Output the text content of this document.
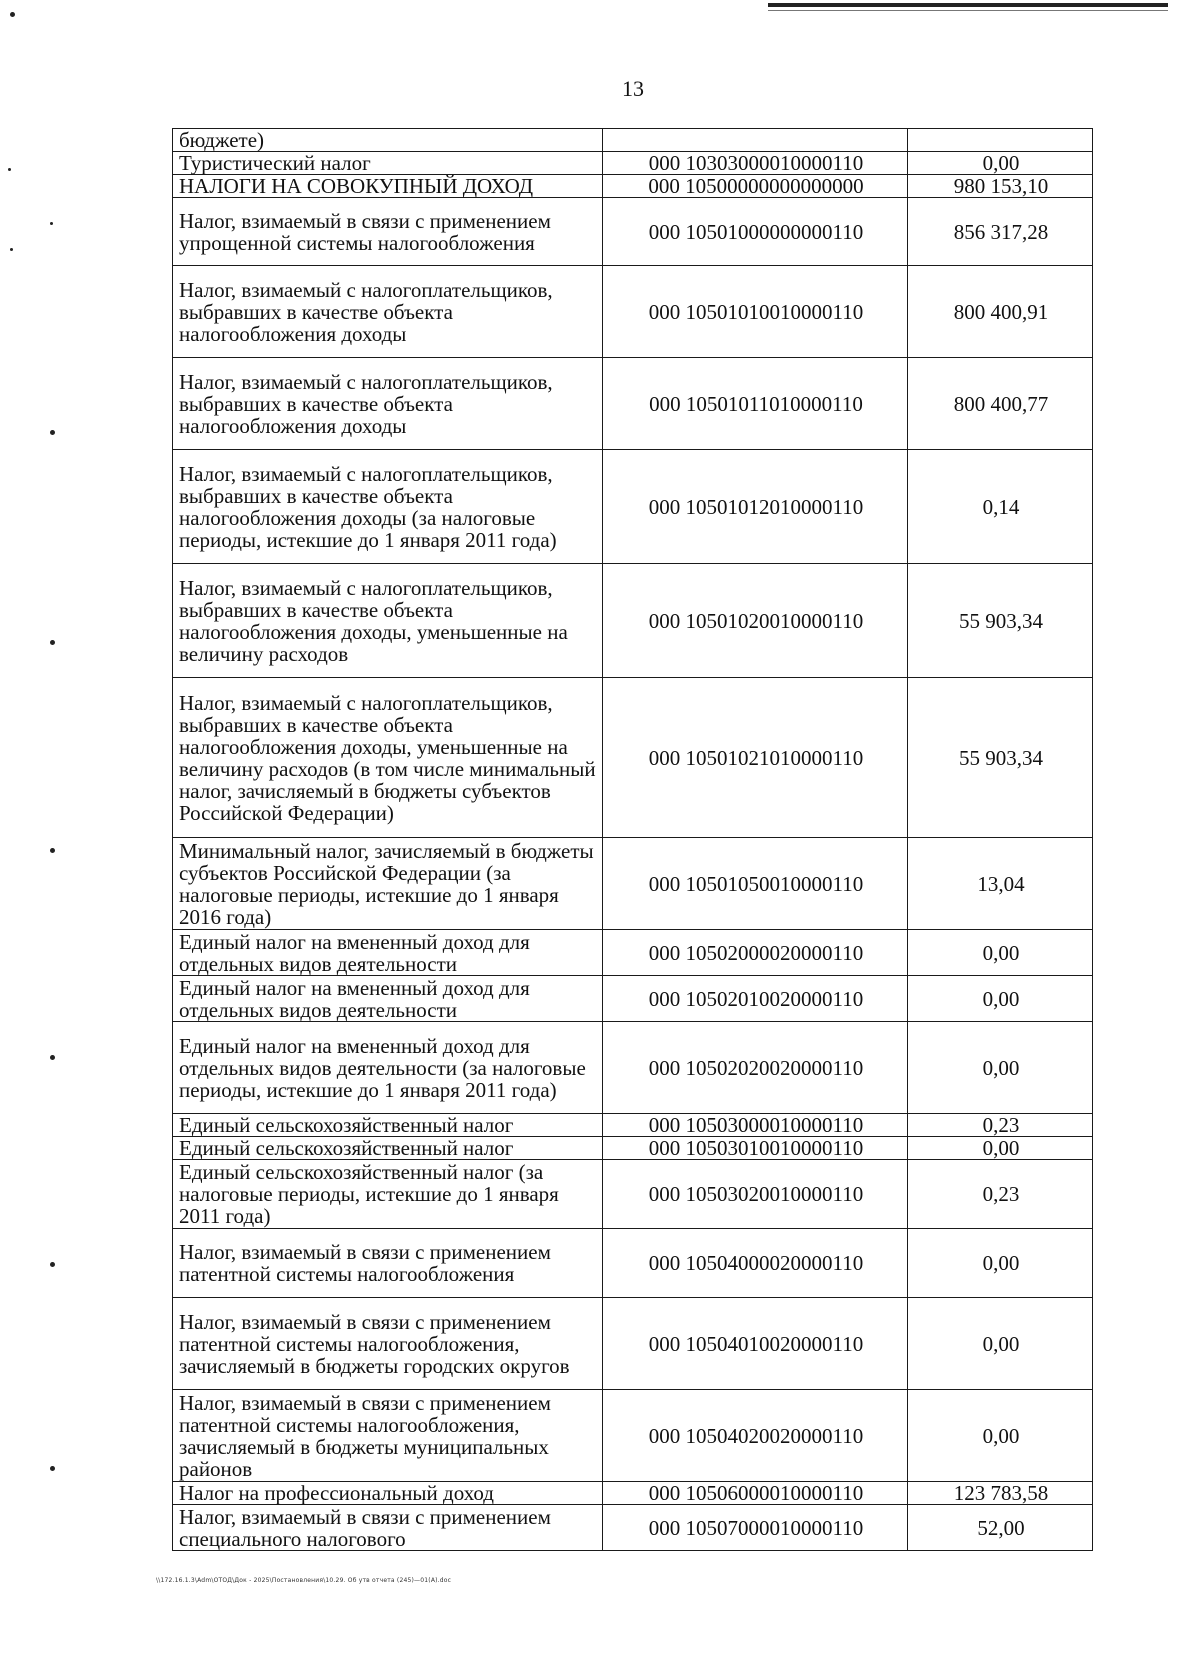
13
бюджете)		
Туристический налог	000 10303000010000110	0,00
НАЛОГИ НА СОВОКУПНЫЙ ДОХОД	000 10500000000000000	980 153,10
Налог, взимаемый в связи с применением упрощенной системы налогообложения	000 10501000000000110	856 317,28
Налог, взимаемый с налогоплательщиков, выбравших в качестве объекта налогообложения доходы	000 10501010010000110	800 400,91
Налог, взимаемый с налогоплательщиков, выбравших в качестве объекта налогообложения доходы	000 10501011010000110	800 400,77
Налог, взимаемый с налогоплательщиков, выбравших в качестве объекта налогообложения доходы (за налоговые периоды, истекшие до 1 января 2011 года)	000 10501012010000110	0,14
Налог, взимаемый с налогоплательщиков, выбравших в качестве объекта налогообложения доходы, уменьшенные на величину расходов	000 10501020010000110	55 903,34
Налог, взимаемый с налогоплательщиков, выбравших в качестве объекта налогообложения доходы, уменьшенные на величину расходов (в том числе минимальный налог, зачисляемый в бюджеты субъектов Российской Федерации)	000 10501021010000110	55 903,34
Минимальный налог, зачисляемый в бюджеты субъектов Российской Федерации (за налоговые периоды, истекшие до 1 января 2016 года)	000 10501050010000110	13,04
Единый налог на вмененный доход для отдельных видов деятельности	000 10502000020000110	0,00
Единый налог на вмененный доход для отдельных видов деятельности	000 10502010020000110	0,00
Единый налог на вмененный доход для отдельных видов деятельности (за налоговые периоды, истекшие до 1 января 2011 года)	000 10502020020000110	0,00
Единый сельскохозяйственный налог	000 10503000010000110	0,23
Единый сельскохозяйственный налог	000 10503010010000110	0,00
Единый сельскохозяйственный налог (за налоговые периоды, истекшие до 1 января 2011 года)	000 10503020010000110	0,23
Налог, взимаемый в связи с применением патентной системы налогообложения	000 10504000020000110	0,00
Налог, взимаемый в связи с применением патентной системы налогообложения, зачисляемый в бюджеты городских округов	000 10504010020000110	0,00
Налог, взимаемый в связи с применением патентной системы налогообложения, зачисляемый в бюджеты муниципальных районов	000 10504020020000110	0,00
Налог на профессиональный доход	000 10506000010000110	123 783,58
Налог, взимаемый в связи с применением специального налогового	000 10507000010000110	52,00
\\172.16.1.3\Adm\OTOД\Док - 2025\Постановления\10.29. Об утв отчета (245)—01(А).doc
